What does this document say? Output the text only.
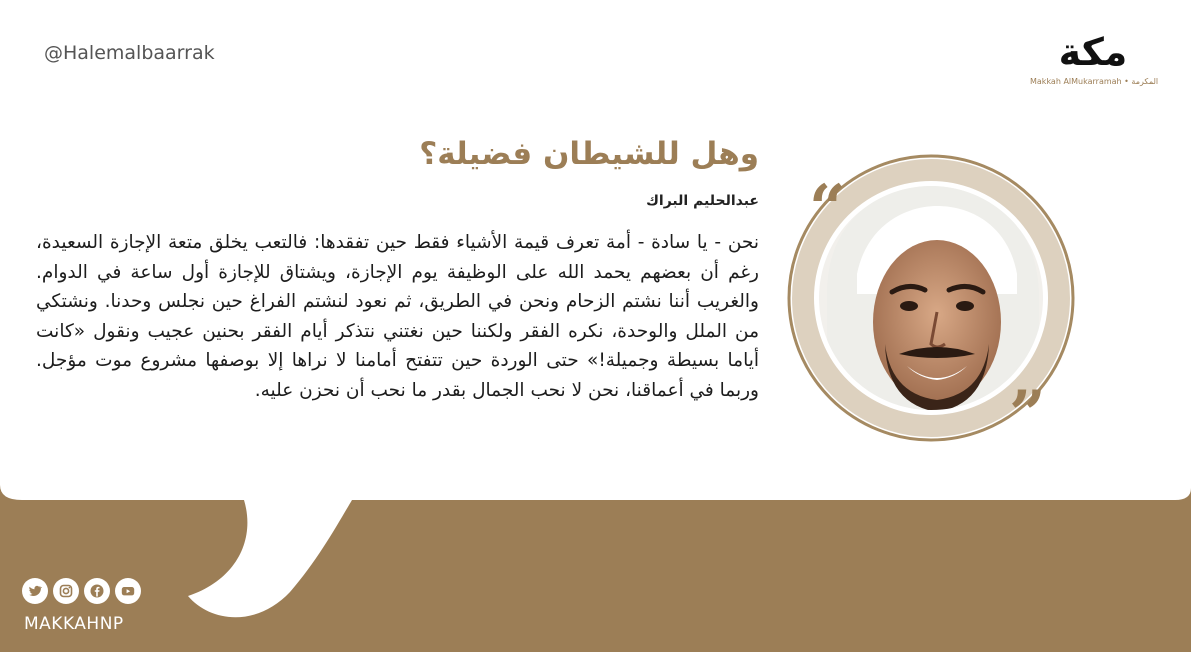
@Halemalbaarrak	مكة
Makkah AlMukarramah • المكرمة
وهل للشيطان فضيلة؟
عبدالحليم البراك
نحن - يا سادة - أمة تعرف قيمة الأشياء فقط حين تفقدها: فالتعب يخلق متعة الإجازة السعيدة، رغم أن بعضهم يحمد الله على الوظيفة يوم الإجازة، ويشتاق للإجازة أول ساعة في الدوام. والغريب أننا نشتم الزحام ونحن في الطريق، ثم نعود لنشتم الفراغ حين نجلس وحدنا. ونشتكي من الملل والوحدة، نكره الفقر ولكننا حين نغتني نتذكر أيام الفقر بحنين عجيب ونقول «كانت أياما بسيطة وجميلة!» حتى الوردة حين تتفتح أمامنا لا نراها إلا بوصفها مشروع موت مؤجل. وربما في أعماقنا، نحن لا نحب الجمال بقدر ما نحب أن نحزن عليه.
“
”
MAKKAHNP
